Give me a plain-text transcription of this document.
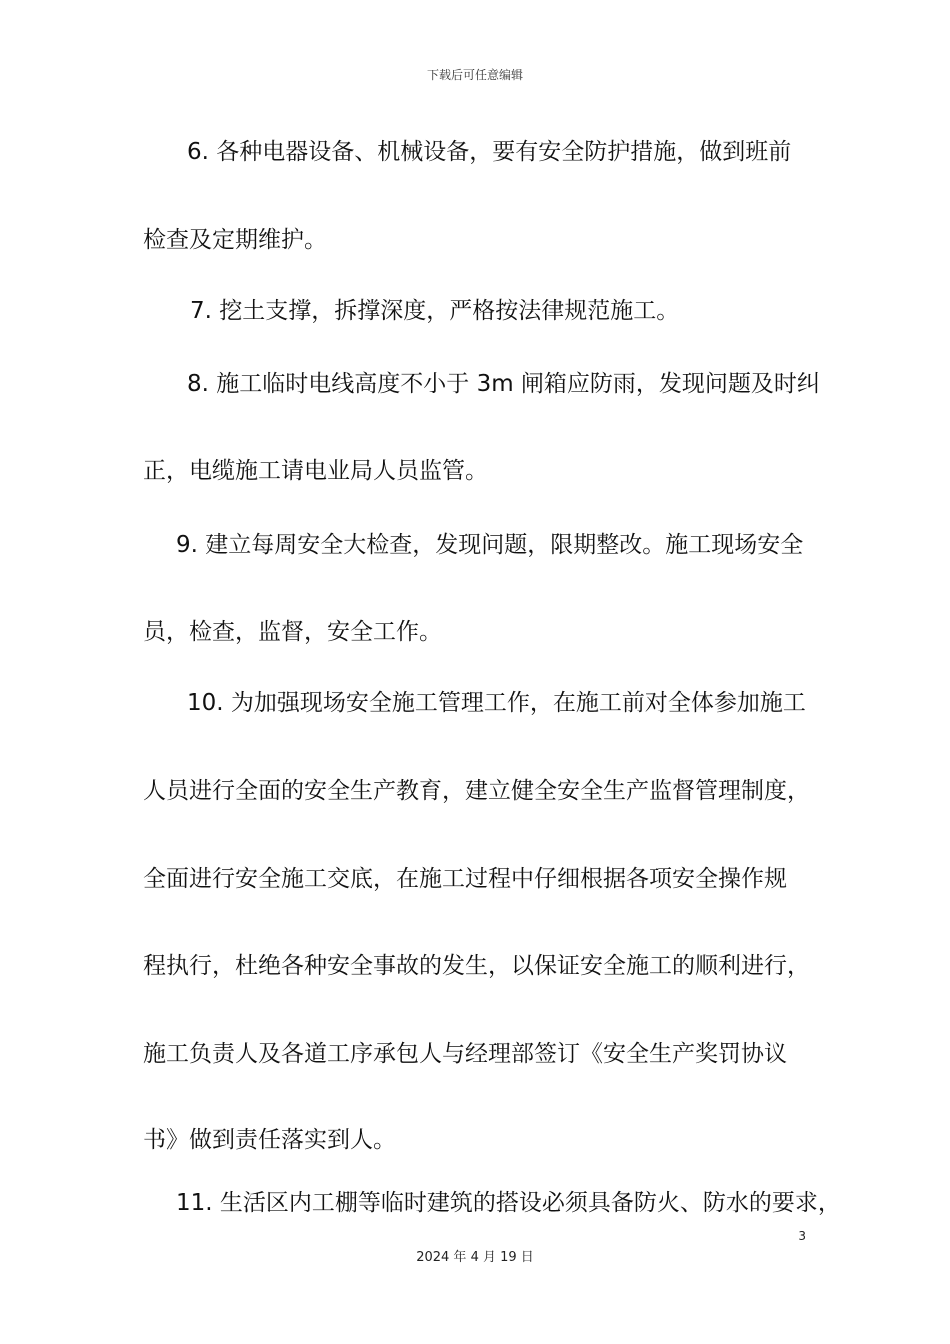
下载后可任意编辑
6. 各种电器设备、机械设备，要有安全防护措施，做到班前
检查及定期维护。
7. 挖土支撑，拆撑深度，严格按法律规范施工。
8. 施工临时电线高度不小于 3m 闸箱应防雨，发现问题及时纠
正，电缆施工请电业局人员监管。
9. 建立每周安全大检查，发现问题，限期整改。施工现场安全
员，检查，监督，安全工作。
10. 为加强现场安全施工管理工作，在施工前对全体参加施工
人员进行全面的安全生产教育，建立健全安全生产监督管理制度，
全面进行安全施工交底，在施工过程中仔细根据各项安全操作规
程执行，杜绝各种安全事故的发生，以保证安全施工的顺利进行，
施工负责人及各道工序承包人与经理部签订《安全生产奖罚协议
书》做到责任落实到人。
11. 生活区内工棚等临时建筑的搭设必须具备防火、防水的要求，
3
2024 年 4 月 19 日
